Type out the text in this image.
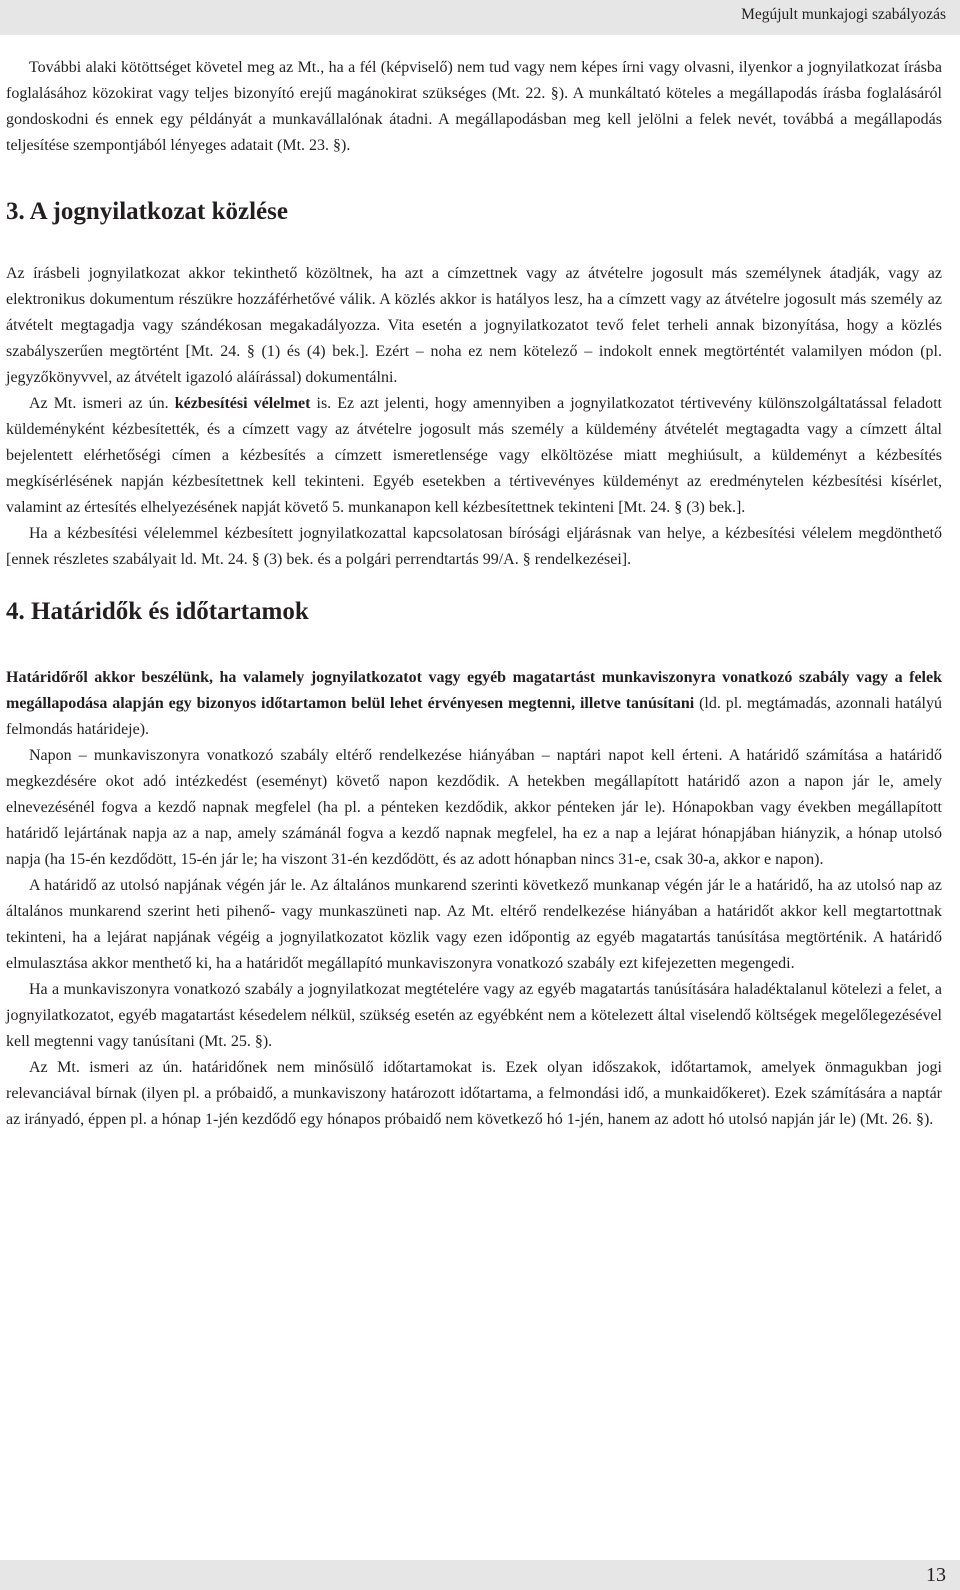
Megújult munkajogi szabályozás

További alaki kötöttséget követel meg az Mt., ha a fél (képviselő) nem tud vagy nem képes írni vagy olvasni, ilyenkor a jognyilatkozat írásba foglalásához közokirat vagy teljes bizonyító erejű magánokirat szükséges (Mt. 22. §). A munkáltató köteles a megállapodás írásba foglalásáról gondoskodni és ennek egy példányát a munkavállalónak átadni. A megállapodásban meg kell jelölni a felek nevét, továbbá a megállapodás teljesítése szempontjából lényeges adatait (Mt. 23. §).

3. A jognyilatkozat közlése

Az írásbeli jognyilatkozat akkor tekinthető közöltnek, ha azt a címzettnek vagy az átvételre jogosult más személynek átadják, vagy az elektronikus dokumentum részükre hozzáférhetővé válik. A közlés akkor is hatályos lesz, ha a címzett vagy az átvételre jogosult más személy az átvételt megtagadja vagy szándékosan megakadályozza. Vita esetén a jognyilatkozatot tevő felet terheli annak bizonyítása, hogy a közlés szabályszerűen megtörtént [Mt. 24. § (1) és (4) bek.]. Ezért – noha ez nem kötelező – indokolt ennek megtörténtét valamilyen módon (pl. jegyzőkönyvvel, az átvételt igazoló aláírással) dokumentálni.

Az Mt. ismeri az ún. kézbesítési vélelmet is. Ez azt jelenti, hogy amennyiben a jognyilatkozatot tértivevény különszolgáltatással feladott küldeményként kézbesítették, és a címzett vagy az átvételre jogosult más személy a küldemény átvételét megtagadta vagy a címzett által bejelentett elérhetőségi címen a kézbesítés a címzett ismeretlensége vagy elköltözése miatt meghiúsult, a küldeményt a kézbesítés megkísérlésének napján kézbesítettnek kell tekinteni. Egyéb esetekben a tértivevényes küldeményt az eredménytelen kézbesítési kísérlet, valamint az értesítés elhelyezésének napját követő 5. munkanapon kell kézbesítettnek tekinteni [Mt. 24. § (3) bek.].

Ha a kézbesítési vélelemmel kézbesített jognyilatkozattal kapcsolatosan bírósági eljárásnak van helye, a kézbesítési vélelem megdönthető [ennek részletes szabályait ld. Mt. 24. § (3) bek. és a polgári perrendtartás 99/A. § rendelkezései].

4. Határidők és időtartamok

Határidőről akkor beszélünk, ha valamely jognyilatkozatot vagy egyéb magatartást munkaviszonyra vonatkozó szabály vagy a felek megállapodása alapján egy bizonyos időtartamon belül lehet érvényesen megtenni, illetve tanúsítani (ld. pl. megtámadás, azonnali hatályú felmondás határideje).

Napon – munkaviszonyra vonatkozó szabály eltérő rendelkezése hiányában – naptári napot kell érteni. A határidő számítása a határidő megkezdésére okot adó intézkedést (eseményt) követő napon kezdődik. A hetekben megállapított határidő azon a napon jár le, amely elnevezésénél fogva a kezdő napnak megfelel (ha pl. a pénteken kezdődik, akkor pénteken jár le). Hónapokban vagy években megállapított határidő lejártának napja az a nap, amely számánál fogva a kezdő napnak megfelel, ha ez a nap a lejárat hónapjában hiányzik, a hónap utolsó napja (ha 15-én kezdődött, 15-én jár le; ha viszont 31-én kezdődött, és az adott hónapban nincs 31-e, csak 30-a, akkor e napon).

A határidő az utolsó napjának végén jár le. Az általános munkarend szerinti következő munkanap végén jár le a határidő, ha az utolsó nap az általános munkarend szerint heti pihenő- vagy munkaszüneti nap. Az Mt. eltérő rendelkezése hiányában a határidőt akkor kell megtartottnak tekinteni, ha a lejárat napjának végéig a jognyilatkozatot közlik vagy ezen időpontig az egyéb magatartás tanúsítása megtörténik. A határidő elmulasztása akkor menthető ki, ha a határidőt megállapító munkaviszonyra vonatkozó szabály ezt kifejezetten megengedi.

Ha a munkaviszonyra vonatkozó szabály a jognyilatkozat megtételére vagy az egyéb magatartás tanúsítására haladéktalanul kötelezi a felet, a jognyilatkozatot, egyéb magatartást késedelem nélkül, szükség esetén az egyébként nem a kötelezett által viselendő költségek megelőlegezésével kell megtenni vagy tanúsítani (Mt. 25. §).

Az Mt. ismeri az ún. határidőnek nem minősülő időtartamokat is. Ezek olyan időszakok, időtartamok, amelyek önmagukban jogi relevanciával bírnak (ilyen pl. a próbaidő, a munkaviszony határozott időtartama, a felmondási idő, a munkaidőkeret). Ezek számítására a naptár az irányadó, éppen pl. a hónap 1-jén kezdődő egy hónapos próbaidő nem következő hó 1-jén, hanem az adott hó utolsó napján jár le) (Mt. 26. §).

13
